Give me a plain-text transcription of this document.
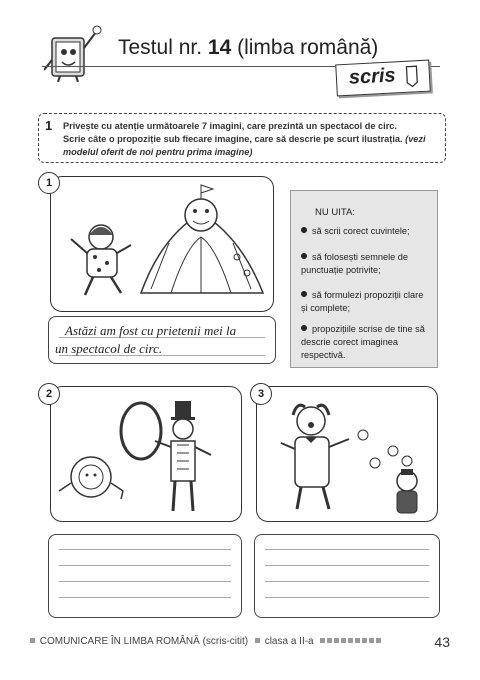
Testul nr. 14 (limba română)
scris
1 Privește cu atenție următoarele 7 imagini, care prezintă un spectacol de circ.
Scrie câte o propoziție sub fiecare imagine, care să descrie pe scurt ilustrația. (vezi modelul oferit de noi pentru prima imagine)
1
NU UITA:
să scrii corect cuvintele;
să folosești semnele de punctuație potrivite;
să formulezi propoziții clare și complete;
propozițiile scrise de tine să descrie corect imaginea respectivă.
Astăzi am fost cu prietenii mei la
un spectacol de circ.
2	3
COMUNICARE ÎN LIMBA ROMÂNĂ (scris-citit) clasa a II-a	43
